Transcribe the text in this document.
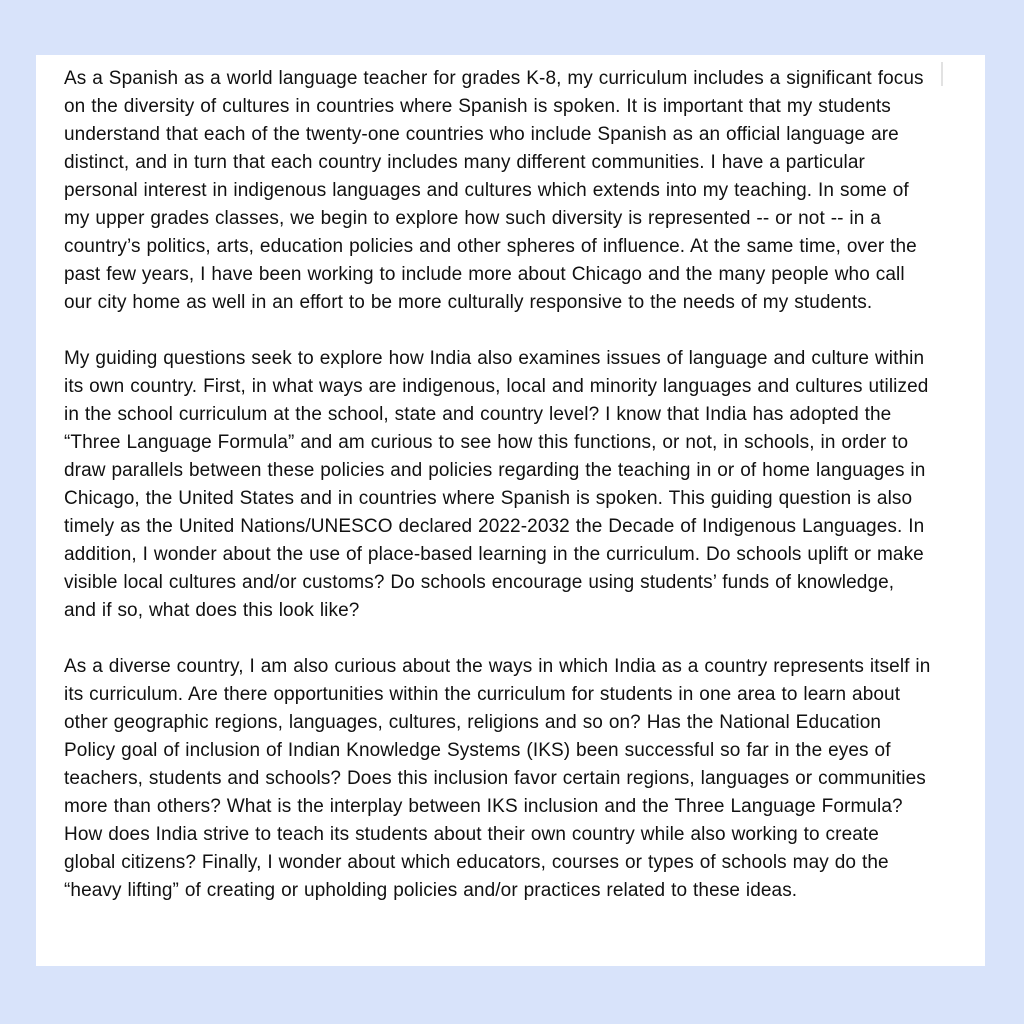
As a Spanish as a world language teacher for grades K-8, my curriculum includes a significant focus on the diversity of cultures in countries where Spanish is spoken. It is important that my students understand that each of the twenty-one countries who include Spanish as an official language are distinct, and in turn that each country includes many different communities. I have a particular personal interest in indigenous languages and cultures which extends into my teaching. In some of my upper grades classes, we begin to explore how such diversity is represented -- or not -- in a country’s politics, arts, education policies and other spheres of influence. At the same time, over the past few years, I have been working to include more about Chicago and the many people who call our city home as well in an effort to be more culturally responsive to the needs of my students.

My guiding questions seek to explore how India also examines issues of language and culture within its own country. First, in what ways are indigenous, local and minority languages and cultures utilized in the school curriculum at the school, state and country level? I know that India has adopted the “Three Language Formula” and am curious to see how this functions, or not, in schools, in order to draw parallels between these policies and policies regarding the teaching in or of home languages in Chicago, the United States and in countries where Spanish is spoken. This guiding question is also timely as the United Nations/UNESCO declared 2022-2032 the Decade of Indigenous Languages. In addition, I wonder about the use of place-based learning in the curriculum. Do schools uplift or make visible local cultures and/or customs? Do schools encourage using students’ funds of knowledge, and if so, what does this look like?

As a diverse country, I am also curious about the ways in which India as a country represents itself in its curriculum. Are there opportunities within the curriculum for students in one area to learn about other geographic regions, languages, cultures, religions and so on? Has the National Education Policy goal of inclusion of Indian Knowledge Systems (IKS) been successful so far in the eyes of teachers, students and schools? Does this inclusion favor certain regions, languages or communities more than others? What is the interplay between IKS inclusion and the Three Language Formula? How does India strive to teach its students about their own country while also working to create global citizens? Finally, I wonder about which educators, courses or types of schools may do the “heavy lifting” of creating or upholding policies and/or practices related to these ideas.
